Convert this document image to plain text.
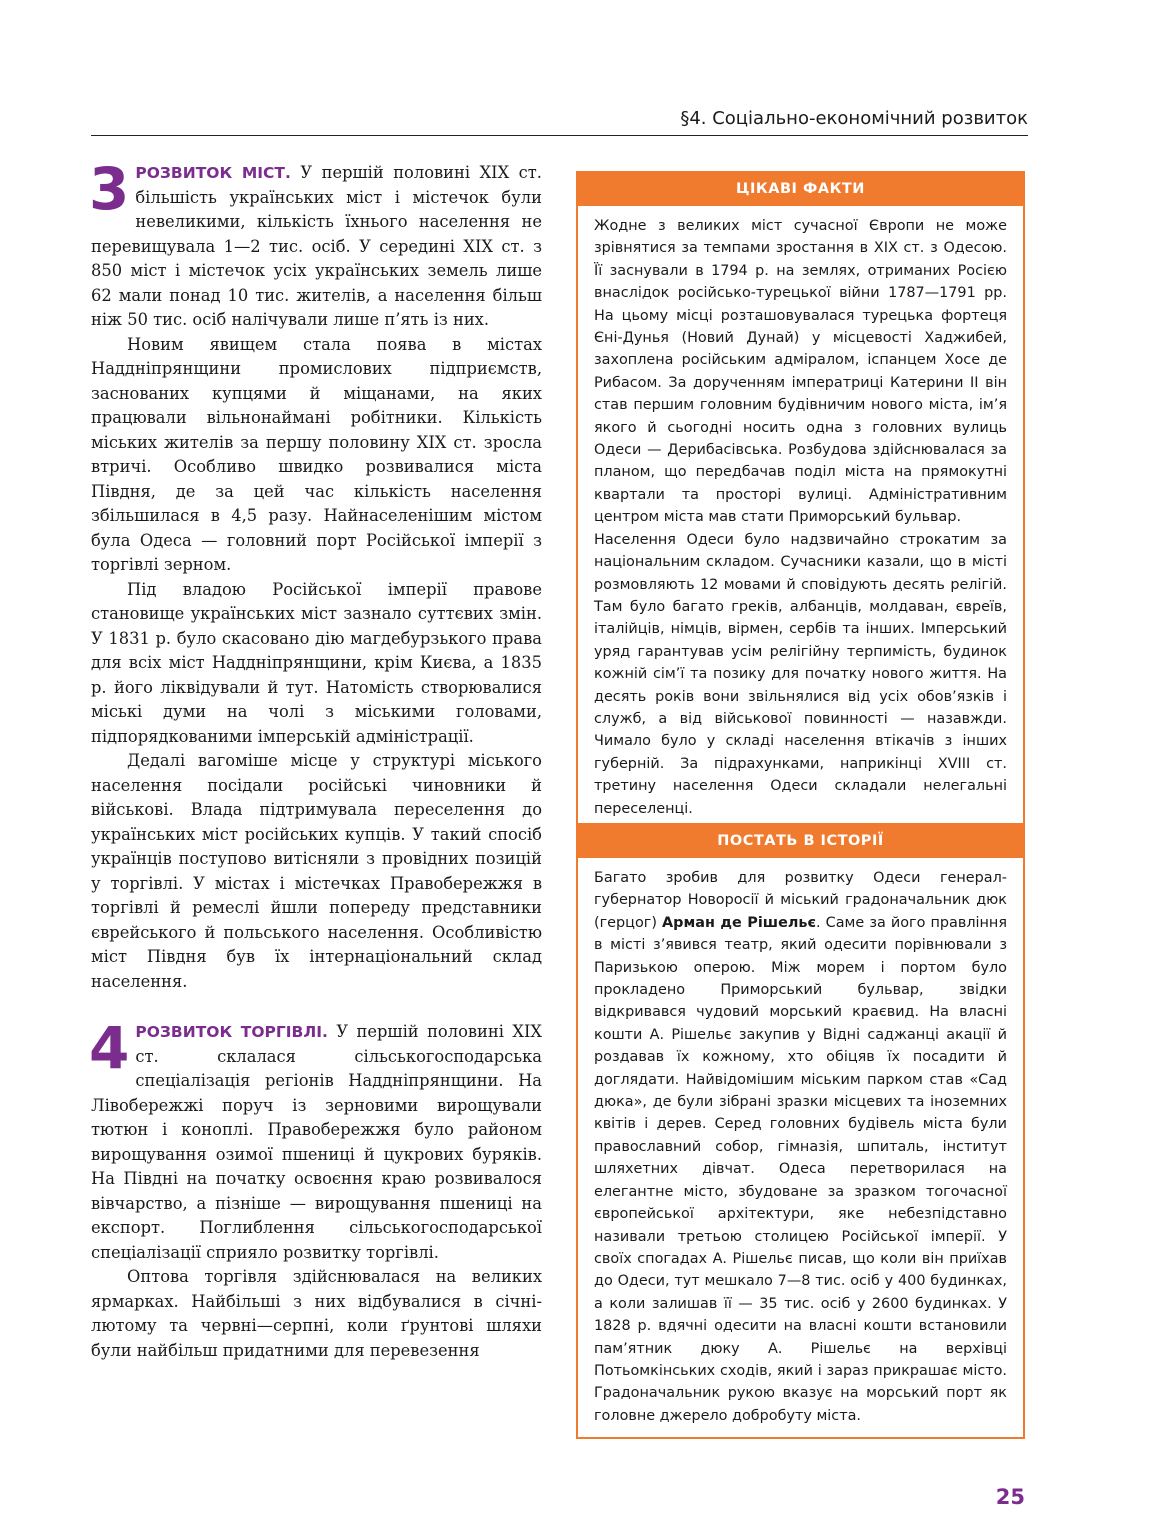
§4. Соціально-економічний розвиток
3 РОЗВИТОК МІСТ. У першій половині XIX ст. більшість українських міст і містечок були невеликими, кількість їхнього населення не перевищувала 1—2 тис. осіб. У середині XIX ст. з 850 міст і містечок усіх українських земель лише 62 мали понад 10 тис. жителів, а населення більш ніж 50 тис. осіб налічували лише п’ять із них.

Новим явищем стала поява в містах Наддніпрянщини промислових підприємств, заснованих купцями й міщанами, на яких працювали вільнонаймані робітники. Кількість міських жителів за першу половину XIX ст. зросла втричі. Особливо швидко розвивалися міста Півдня, де за цей час кількість населення збільшилася в 4,5 разу. Найнаселенішим містом була Одеса — головний порт Російської імперії з торгівлі зерном.

Під владою Російської імперії правове становище українських міст зазнало суттєвих змін. У 1831 р. було скасовано дію магдебурзького права для всіх міст Наддніпрянщини, крім Києва, а 1835 р. його ліквідували й тут. Натомість створювалися міські думи на чолі з міськими головами, підпорядкованими імперській адміністрації.

Дедалі вагоміше місце у структурі міського населення посідали російські чиновники й військові. Влада підтримувала переселення до українських міст російських купців. У такий спосіб українців поступово витісняли з провідних позицій у торгівлі. У містах і містечках Правобережжя в торгівлі й ремеслі йшли попереду представники єврейського й польського населення. Особливістю міст Півдня був їх інтернаціональний склад населення.

4 РОЗВИТОК ТОРГІВЛІ. У першій половині XIX ст. склалася сільськогосподарська спеціалізація регіонів Наддніпрянщини. На Лівобережжі поруч із зерновими вирощували тютюн і коноплі. Правобережжя було районом вирощування озимої пшениці й цукрових буряків. На Півдні на початку освоєння краю розвивалося вівчарство, а пізніше — вирощування пшениці на експорт. Поглиблення сільськогосподарської спеціалізації сприяло розвитку торгівлі.

Оптова торгівля здійснювалася на великих ярмарках. Найбільші з них відбувалися в січні-лютому та червні—серпні, коли ґрунтові шляхи були найбільш придатними для перевезення

ЦІКАВІ ФАКТИ

Жодне з великих міст сучасної Європи не може зрівнятися за темпами зростання в XIX ст. з Одесою. Її заснували в 1794 р. на землях, отриманих Росією внаслідок російсько-турецької війни 1787—1791 рр. На цьому місці розташовувалася турецька фортеця Єні-Дунья (Новий Дунай) у місцевості Хаджибей, захоплена російським адміралом, іспанцем Хосе де Рибасом. За дорученням імператриці Катерини II він став першим головним будівничим нового міста, ім’я якого й сьогодні носить одна з головних вулиць Одеси — Дерибасівська. Розбудова здійснювалася за планом, що передбачав поділ міста на прямокутні квартали та просторі вулиці. Адміністративним центром міста мав стати Приморський бульвар.

Населення Одеси було надзвичайно строкатим за національним складом. Сучасники казали, що в місті розмовляють 12 мовами й сповідують десять релігій. Там було багато греків, албанців, молдаван, євреїв, італійців, німців, вірмен, сербів та інших. Імперський уряд гарантував усім релігійну терпимість, будинок кожній сім’ї та позику для початку нового життя. На десять років вони звільнялися від усіх обов’язків і служб, а від військової повинності — назавжди. Чимало було у складі населення втікачів з інших губерній. За підрахунками, наприкінці XVIII ст. третину населення Одеси складали нелегальні переселенці.

ПОСТАТЬ В ІСТОРІЇ

Багато зробив для розвитку Одеси генерал-губернатор Новоросії й міський градоначальник дюк (герцог) Арман де Рішельє. Саме за його правління в місті з’явився театр, який одесити порівнювали з Паризькою оперою. Між морем і портом було прокладено Приморський бульвар, звідки відкривався чудовий морський краєвид. На власні кошти А. Рішельє закупив у Відні саджанці акації й роздавав їх кожному, хто обіцяв їх посадити й доглядати. Найвідомішим міським парком став «Сад дюка», де були зібрані зразки місцевих та іноземних квітів і дерев. Серед головних будівель міста були православний собор, гімназія, шпиталь, інститут шляхетних дівчат. Одеса перетворилася на елегантне місто, збудоване за зразком тогочасної європейської архітектури, яке небезпідставно називали третьою столицею Російської імперії. У своїх спогадах А. Рішельє писав, що коли він приїхав до Одеси, тут мешкало 7—8 тис. осіб у 400 будинках, а коли залишав її — 35 тис. осіб у 2600 будинках. У 1828 р. вдячні одесити на власні кошти встановили пам’ятник дюку А. Рішельє на верхівці Потьомкінських сходів, який і зараз прикрашає місто. Градоначальник рукою вказує на морський порт як головне джерело добробуту міста.

25
